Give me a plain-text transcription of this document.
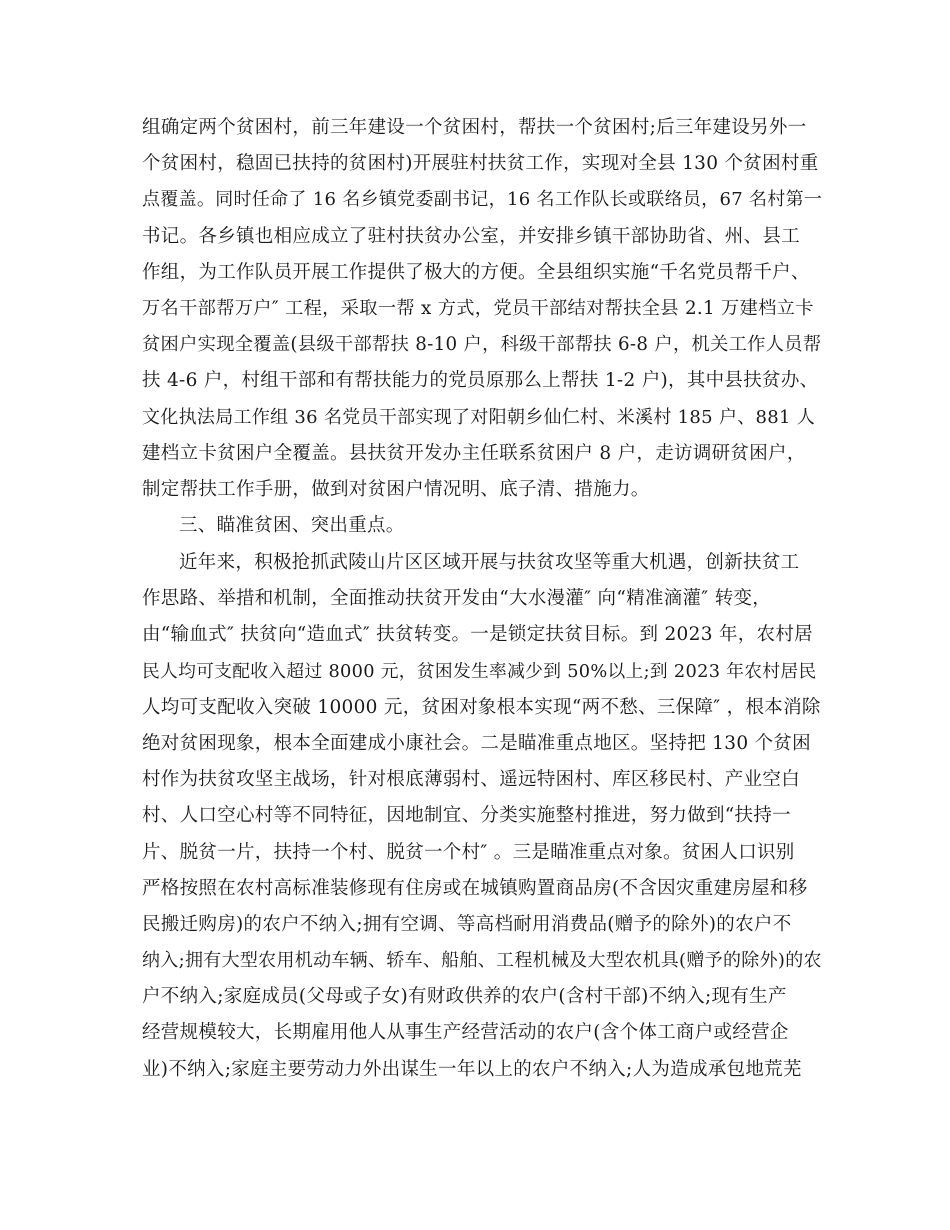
组确定两个贫困村，前三年建设一个贫困村，帮扶一个贫困村;后三年建设另外一
个贫困村，稳固已扶持的贫困村)开展驻村扶贫工作，实现对全县 130 个贫困村重
点覆盖。同时任命了 16 名乡镇党委副书记，16 名工作队长或联络员，67 名村第一
书记。各乡镇也相应成立了驻村扶贫办公室，并安排乡镇干部协助省、州、县工
作组，为工作队员开展工作提供了极大的方便。全县组织实施“千名党员帮千户、
万名干部帮万户″ 工程，采取一帮 x 方式，党员干部结对帮扶全县 2.1 万建档立卡
贫困户实现全覆盖(县级干部帮扶 8-10 户，科级干部帮扶 6-8 户，机关工作人员帮
扶 4-6 户，村组干部和有帮扶能力的党员原那么上帮扶 1-2 户)，其中县扶贫办、
文化执法局工作组 36 名党员干部实现了对阳朝乡仙仁村、米溪村 185 户、881 人
建档立卡贫困户全覆盖。县扶贫开发办主任联系贫困户 8 户，走访调研贫困户，
制定帮扶工作手册，做到对贫困户情况明、底子清、措施力。
三、瞄准贫困、突出重点。
近年来，积极抢抓武陵山片区区域开展与扶贫攻坚等重大机遇，创新扶贫工
作思路、举措和机制，全面推动扶贫开发由“大水漫灌″ 向“精准滴灌″ 转变，
由“输血式″ 扶贫向“造血式″ 扶贫转变。一是锁定扶贫目标。到 2023 年，农村居
民人均可支配收入超过 8000 元，贫困发生率减少到 50%以上;到 2023 年农村居民
人均可支配收入突破 10000 元，贫困对象根本实现“两不愁、三保障″ ，根本消除
绝对贫困现象，根本全面建成小康社会。二是瞄准重点地区。坚持把 130 个贫困
村作为扶贫攻坚主战场，针对根底薄弱村、遥远特困村、库区移民村、产业空白
村、人口空心村等不同特征，因地制宜、分类实施整村推进，努力做到“扶持一
片、脱贫一片，扶持一个村、脱贫一个村″ 。三是瞄准重点对象。贫困人口识别
严格按照在农村高标准装修现有住房或在城镇购置商品房(不含因灾重建房屋和移
民搬迁购房)的农户不纳入;拥有空调、等高档耐用消费品(赠予的除外)的农户不
纳入;拥有大型农用机动车辆、轿车、船舶、工程机械及大型农机具(赠予的除外)的农
户不纳入;家庭成员(父母或子女)有财政供养的农户(含村干部)不纳入;现有生产
经营规模较大，长期雇用他人从事生产经营活动的农户(含个体工商户或经营企
业)不纳入;家庭主要劳动力外出谋生一年以上的农户不纳入;人为造成承包地荒芜
